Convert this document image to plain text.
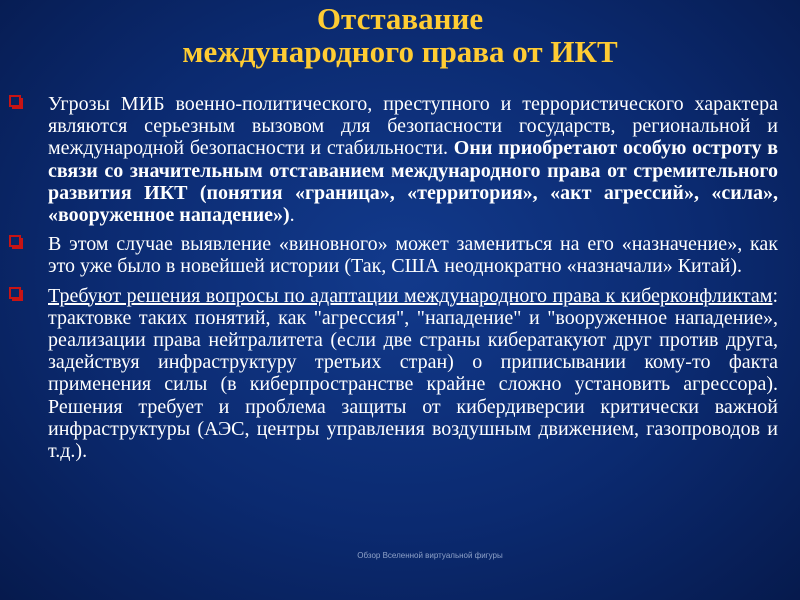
Отставание
международного права от ИКТ
Угрозы МИБ военно-политического, преступного и террористического характера являются серьезным вызовом для безопасности государств, региональной и международной безопасности и стабильности. Они приобретают особую остроту в связи со значительным отставанием международного права от стремительного развития ИКТ (понятия «граница», «территория», «акт агрессий», «сила», «вооруженное нападение»).
В этом случае выявление «виновного» может замениться на его «назначение», как это уже было в новейшей истории (Так, США неоднократно «назначали» Китай).
Требуют решения вопросы по адаптации международного права к киберконфликтам: трактовке таких понятий, как "агрессия", "нападение" и "вооруженное нападение», реализации права нейтралитета (если две страны кибератакуют друг против друга, задействуя инфраструктуру третьих стран) о приписывании кому-то факта применения силы (в киберпространстве крайне сложно установить агрессора). Решения требует и проблема защиты от кибердиверсии критически важной инфраструктуры (АЭС, центры управления воздушным движением, газопроводов и т.д.).
Обзор Вселенной виртуальной фигуры
